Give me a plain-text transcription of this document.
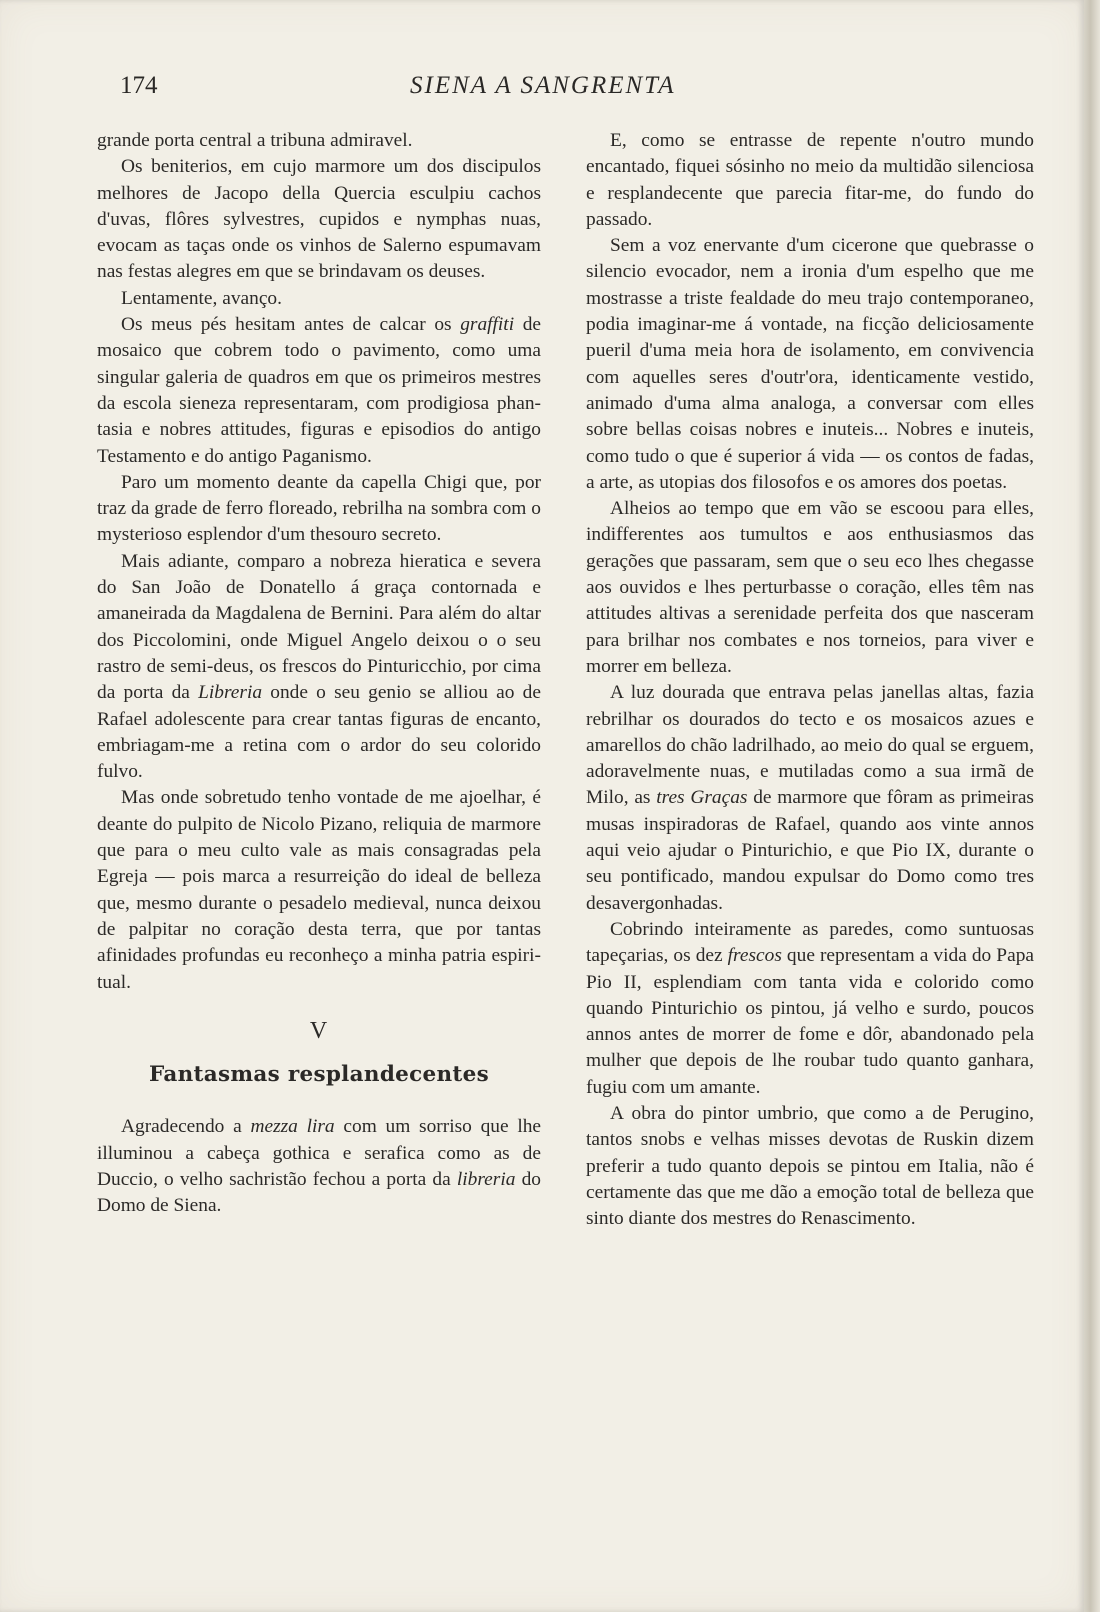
174	SIENA A SANGRENTA

grande porta central a tribuna admiravel.

Os beniterios, em cujo marmore um dos discipulos melhores de Jacopo della Quercia esculpiu cachos d'uvas, flôres sylvestres, cupidos e nymphas nuas, evocam as taças onde os vinhos de Salerno espumavam nas festas alegres em que se brindavam os deuses.

Lentamente, avanço.

Os meus pés hesitam antes de calcar os graffiti de mosaico que cobrem todo o pavimento, como uma singular galeria de quadros em que os primeiros mestres da escola sieneza representaram, com prodigiosa phantasia e nobres attitudes, figuras e episodios do antigo Testamento e do antigo Paganismo.

Paro um momento deante da capella Chigi que, por traz da grade de ferro floreado, rebrilha na sombra com o mysterioso esplendor d'um thesouro secreto.

Mais adiante, comparo a nobreza hieratica e severa do San João de Donatello á graça contornada e amaneirada da Magdalena de Bernini. Para além do altar dos Piccolomini, onde Miguel Angelo deixou o o seu rastro de semi-deus, os frescos do Pinturicchio, por cima da porta da Libreria onde o seu genio se alliou ao de Rafael adolescente para crear tantas figuras de encanto, embriagam-me a retina com o ardor do seu colorido fulvo.

Mas onde sobretudo tenho vontade de me ajoelhar, é deante do pulpito de Nicolo Pizano, reliquia de marmore que para o meu culto vale as mais consagradas pela Egreja — pois marca a resurreição do ideal de belleza que, mesmo durante o pesadelo medieval, nunca deixou de palpitar no coração desta terra, que por tantas afinidades profundas eu reconheço a minha patria espiritual.

V

Fantasmas resplandecentes

Agradecendo a mezza lira com um sorriso que lhe illuminou a cabeça gothica e serafica como as de Duccio, o velho sachristão fechou a porta da libreria do Domo de Siena.

E, como se entrasse de repente n'outro mundo encantado, fiquei sósinho no meio da multidão silenciosa e resplandecente que parecia fitar-me, do fundo do passado.

Sem a voz enervante d'um cicerone que quebrasse o silencio evocador, nem a ironia d'um espelho que me mostrasse a triste fealdade do meu trajo contemporaneo, podia imaginar-me á vontade, na ficção deliciosamente pueril d'uma meia hora de isolamento, em convivencia com aquelles seres d'outr'ora, identicamente vestido, animado d'uma alma analoga, a conversar com elles sobre bellas coisas nobres e inuteis... Nobres e inuteis, como tudo o que é superior á vida — os contos de fadas, a arte, as utopias dos filosofos e os amores dos poetas.

Alheios ao tempo que em vão se escoou para elles, indifferentes aos tumultos e aos enthusiasmos das gerações que passaram, sem que o seu eco lhes chegasse aos ouvidos e lhes perturbasse o coração, elles têm nas attitudes altivas a serenidade perfeita dos que nasceram para brilhar nos combates e nos torneios, para viver e morrer em belleza.

A luz dourada que entrava pelas janellas altas, fazia rebrilhar os dourados do tecto e os mosaicos azues e amarellos do chão ladrilhado, ao meio do qual se erguem, adoravelmente nuas, e mutiladas como a sua irmã de Milo, as tres Graças de marmore que fôram as primeiras musas inspiradoras de Rafael, quando aos vinte annos aqui veio ajudar o Pinturichio, e que Pio IX, durante o seu pontificado, mandou expulsar do Domo como tres desavergonhadas.

Cobrindo inteiramente as paredes, como suntuosas tapeçarias, os dez frescos que representam a vida do Papa Pio II, esplendiam com tanta vida e colorido como quando Pinturichio os pintou, já velho e surdo, poucos annos antes de morrer de fome e dôr, abandonado pela mulher que depois de lhe roubar tudo quanto ganhara, fugiu com um amante.

A obra do pintor umbrio, que como a de Perugino, tantos snobs e velhas misses devotas de Ruskin dizem preferir a tudo quanto depois se pintou em Italia, não é certamente das que me dão a emoção total de belleza que sinto diante dos mestres do Renascimento.
